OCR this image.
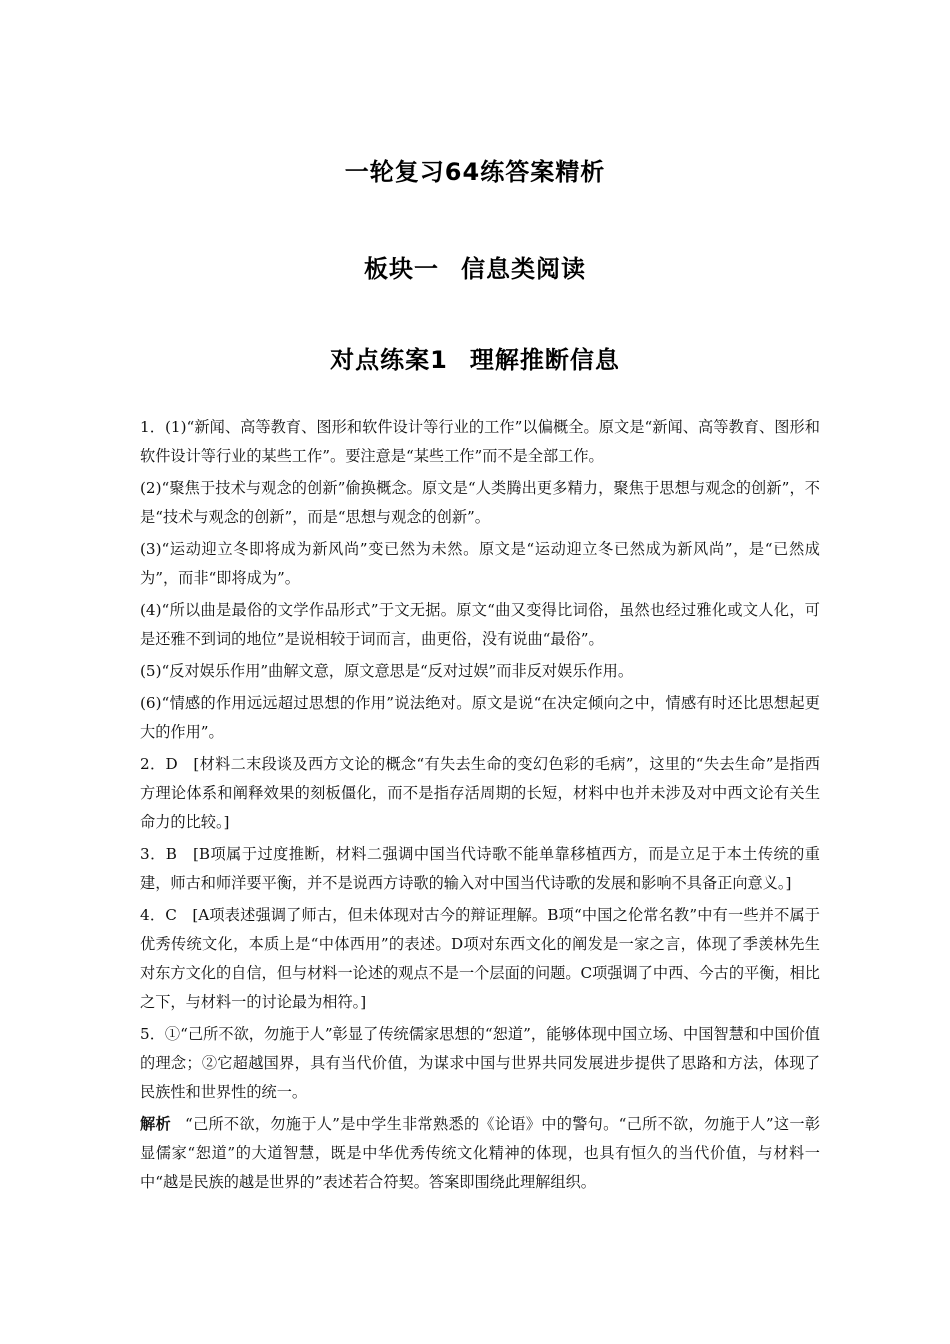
一轮复习64练答案精析
板块一 信息类阅读
对点练案1 理解推断信息

1．(1)“新闻、高等教育、图形和软件设计等行业的工作”以偏概全。原文是“新闻、高等教育、图形和软件设计等行业的某些工作”。要注意是“某些工作”而不是全部工作。

(2)“聚焦于技术与观念的创新”偷换概念。原文是“人类腾出更多精力，聚焦于思想与观念的创新”，不是“技术与观念的创新”，而是“思想与观念的创新”。

(3)“运动迎立冬即将成为新风尚”变已然为未然。原文是“运动迎立冬已然成为新风尚”，是“已然成为”，而非“即将成为”。

(4)“所以曲是最俗的文学作品形式”于文无据。原文“曲又变得比词俗，虽然也经过雅化或文人化，可是还雅不到词的地位”是说相较于词而言，曲更俗，没有说曲“最俗”。

(5)“反对娱乐作用”曲解文意，原文意思是“反对过娱”而非反对娱乐作用。

(6)“情感的作用远远超过思想的作用”说法绝对。原文是说“在决定倾向之中，情感有时还比思想起更大的作用”。

2．D　[材料二末段谈及西方文论的概念“有失去生命的变幻色彩的毛病”，这里的“失去生命”是指西方理论体系和阐释效果的刻板僵化，而不是指存活周期的长短，材料中也并未涉及对中西文论有关生命力的比较。]

3．B　[B项属于过度推断，材料二强调中国当代诗歌不能单靠移植西方，而是立足于本土传统的重建，师古和师洋要平衡，并不是说西方诗歌的输入对中国当代诗歌的发展和影响不具备正向意义。]

4．C　[A项表述强调了师古，但未体现对古今的辩证理解。B项“中国之伦常名教”中有一些并不属于优秀传统文化，本质上是“中体西用”的表述。D项对东西文化的阐发是一家之言，体现了季羡林先生对东方文化的自信，但与材料一论述的观点不是一个层面的问题。C项强调了中西、今古的平衡，相比之下，与材料一的讨论最为相符。]

5．①“己所不欲，勿施于人”彰显了传统儒家思想的“恕道”，能够体现中国立场、中国智慧和中国价值的理念；②它超越国界，具有当代价值，为谋求中国与世界共同发展进步提供了思路和方法，体现了民族性和世界性的统一。

解析 “己所不欲，勿施于人”是中学生非常熟悉的《论语》中的警句。“己所不欲，勿施于人”这一彰显儒家“恕道”的大道智慧，既是中华优秀传统文化精神的体现，也具有恒久的当代价值，与材料一中“越是民族的越是世界的”表述若合符契。答案即围绕此理解组织。
